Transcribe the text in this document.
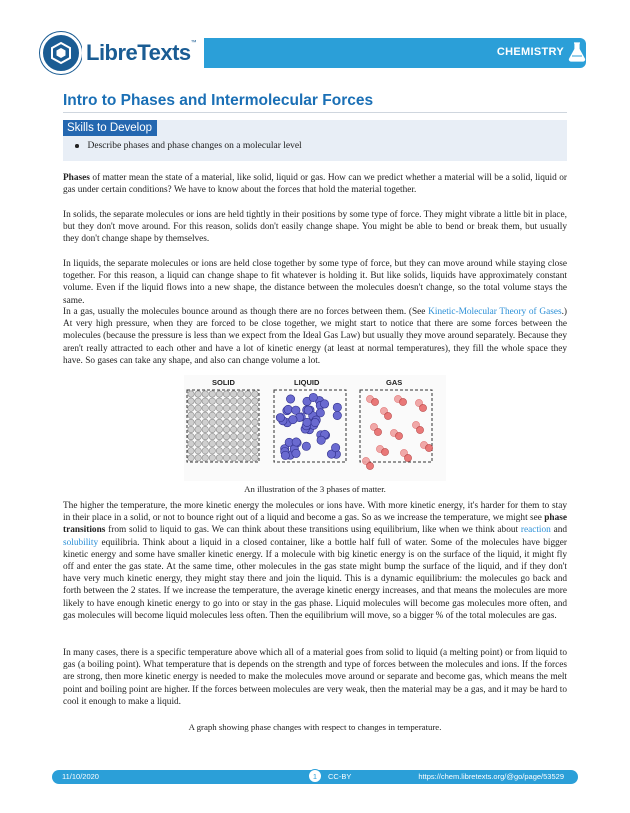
LibreTexts™
CHEMISTRY
Intro to Phases and Intermolecular Forces
Skills to Develop
Describe phases and phase changes on a molecular level

Phases of matter mean the state of a material, like solid, liquid or gas. How can we predict whether a material will be a solid, liquid or gas under certain conditions? We have to know about the forces that hold the material together.

In solids, the separate molecules or ions are held tightly in their positions by some type of force. They might vibrate a little bit in place, but they don't move around. For this reason, solids don't easily change shape. You might be able to bend or break them, but usually they don't change shape by themselves.

In liquids, the separate molecules or ions are held close together by some type of force, but they can move around while staying close together. For this reason, a liquid can change shape to fit whatever is holding it. But like solids, liquids have approximately constant volume. Even if the liquid flows into a new shape, the distance between the molecules doesn't change, so the total volume stays the same.

In a gas, usually the molecules bounce around as though there are no forces between them. (See Kinetic-Molecular Theory of Gases.) At very high pressure, when they are forced to be close together, we might start to notice that there are some forces between the molecules (because the pressure is less than we expect from the Ideal Gas Law) but usually they move around separately. Because they aren't really attracted to each other and have a lot of kinetic energy (at least at normal temperatures), they fill the whole space they have. So gases can take any shape, and also can change volume a lot.

SOLID	LIQUID	GAS
An illustration of the 3 phases of matter.

The higher the temperature, the more kinetic energy the molecules or ions have. With more kinetic energy, it's harder for them to stay in their place in a solid, or not to bounce right out of a liquid and become a gas. So as we increase the temperature, we might see phase transitions from solid to liquid to gas. We can think about these transitions using equilibrium, like when we think about reaction and solubility equilibria. Think about a liquid in a closed container, like a bottle half full of water. Some of the molecules have bigger kinetic energy and some have smaller kinetic energy. If a molecule with big kinetic energy is on the surface of the liquid, it might fly off and enter the gas state. At the same time, other molecules in the gas state might bump the surface of the liquid, and if they don't have very much kinetic energy, they might stay there and join the liquid. This is a dynamic equilibrium: the molecules go back and forth between the 2 states. If we increase the temperature, the average kinetic energy increases, and that means the molecules are more likely to have enough kinetic energy to go into or stay in the gas phase. Liquid molecules will become gas molecules more often, and gas molecules will become liquid molecules less often. Then the equilibrium will move, so a bigger % of the total molecules are gas.

In many cases, there is a specific temperature above which all of a material goes from solid to liquid (a melting point) or from liquid to gas (a boiling point). What temperature that is depends on the strength and type of forces between the molecules and ions. If the forces are strong, then more kinetic energy is needed to make the molecules move around or separate and become gas, which means the melt point and boiling point are higher. If the forces between molecules are very weak, then the material may be a gas, and it may be hard to cool it enough to make a liquid.

A graph showing phase changes with respect to changes in temperature.
11/10/2020	1	CC-BY	https://chem.libretexts.org/@go/page/53529
